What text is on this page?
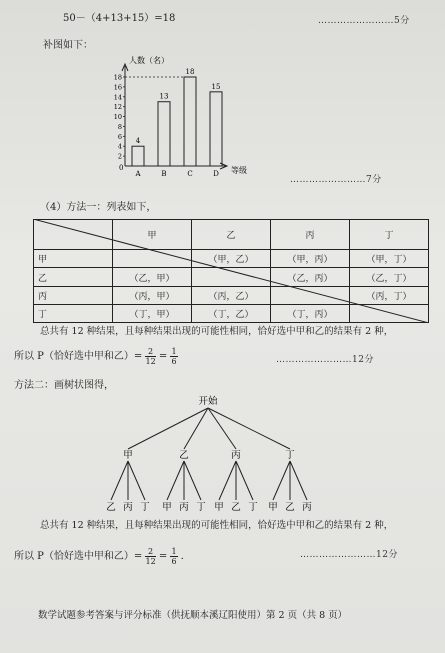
50－（4+13+15）=18	……………………5分
补图如下：
人数（名）
等级
0
2
4
6
8
10
12
14
16
18
4
A
13
B
18
C
15
D
……………………7分
（4）方法一：列表如下，
	甲	乙	丙	丁
甲		（甲，乙）	（甲，丙）	（甲，丁）
乙	（乙，甲）		（乙，丙）	（乙，丁）
丙	（丙，甲）	（丙，乙）		（丙，丁）
丁	（丁，甲）	（丁，乙）	（丁，丙）	
总共有 12 种结果，且每种结果出现的可能性相同，恰好选中甲和乙的结果有 2 种，
所以 P（恰好选中甲和乙）= $\frac{2}{12} = \frac{1}{6}$	……………………12分
方法二：画树状图得，
开始
甲
乙 丙 丁
乙
甲 丙 丁
丙
甲 乙 丁
丁
甲 乙 丙
总共有 12 种结果，且每种结果出现的可能性相同，恰好选中甲和乙的结果有 2 种，
所以 P（恰好选中甲和乙）= $\frac{2}{12} = \frac{1}{6}$ ．	……………………12分
数学试题参考答案与评分标准（供抚顺本溪辽阳使用）第 2 页（共 8 页）
